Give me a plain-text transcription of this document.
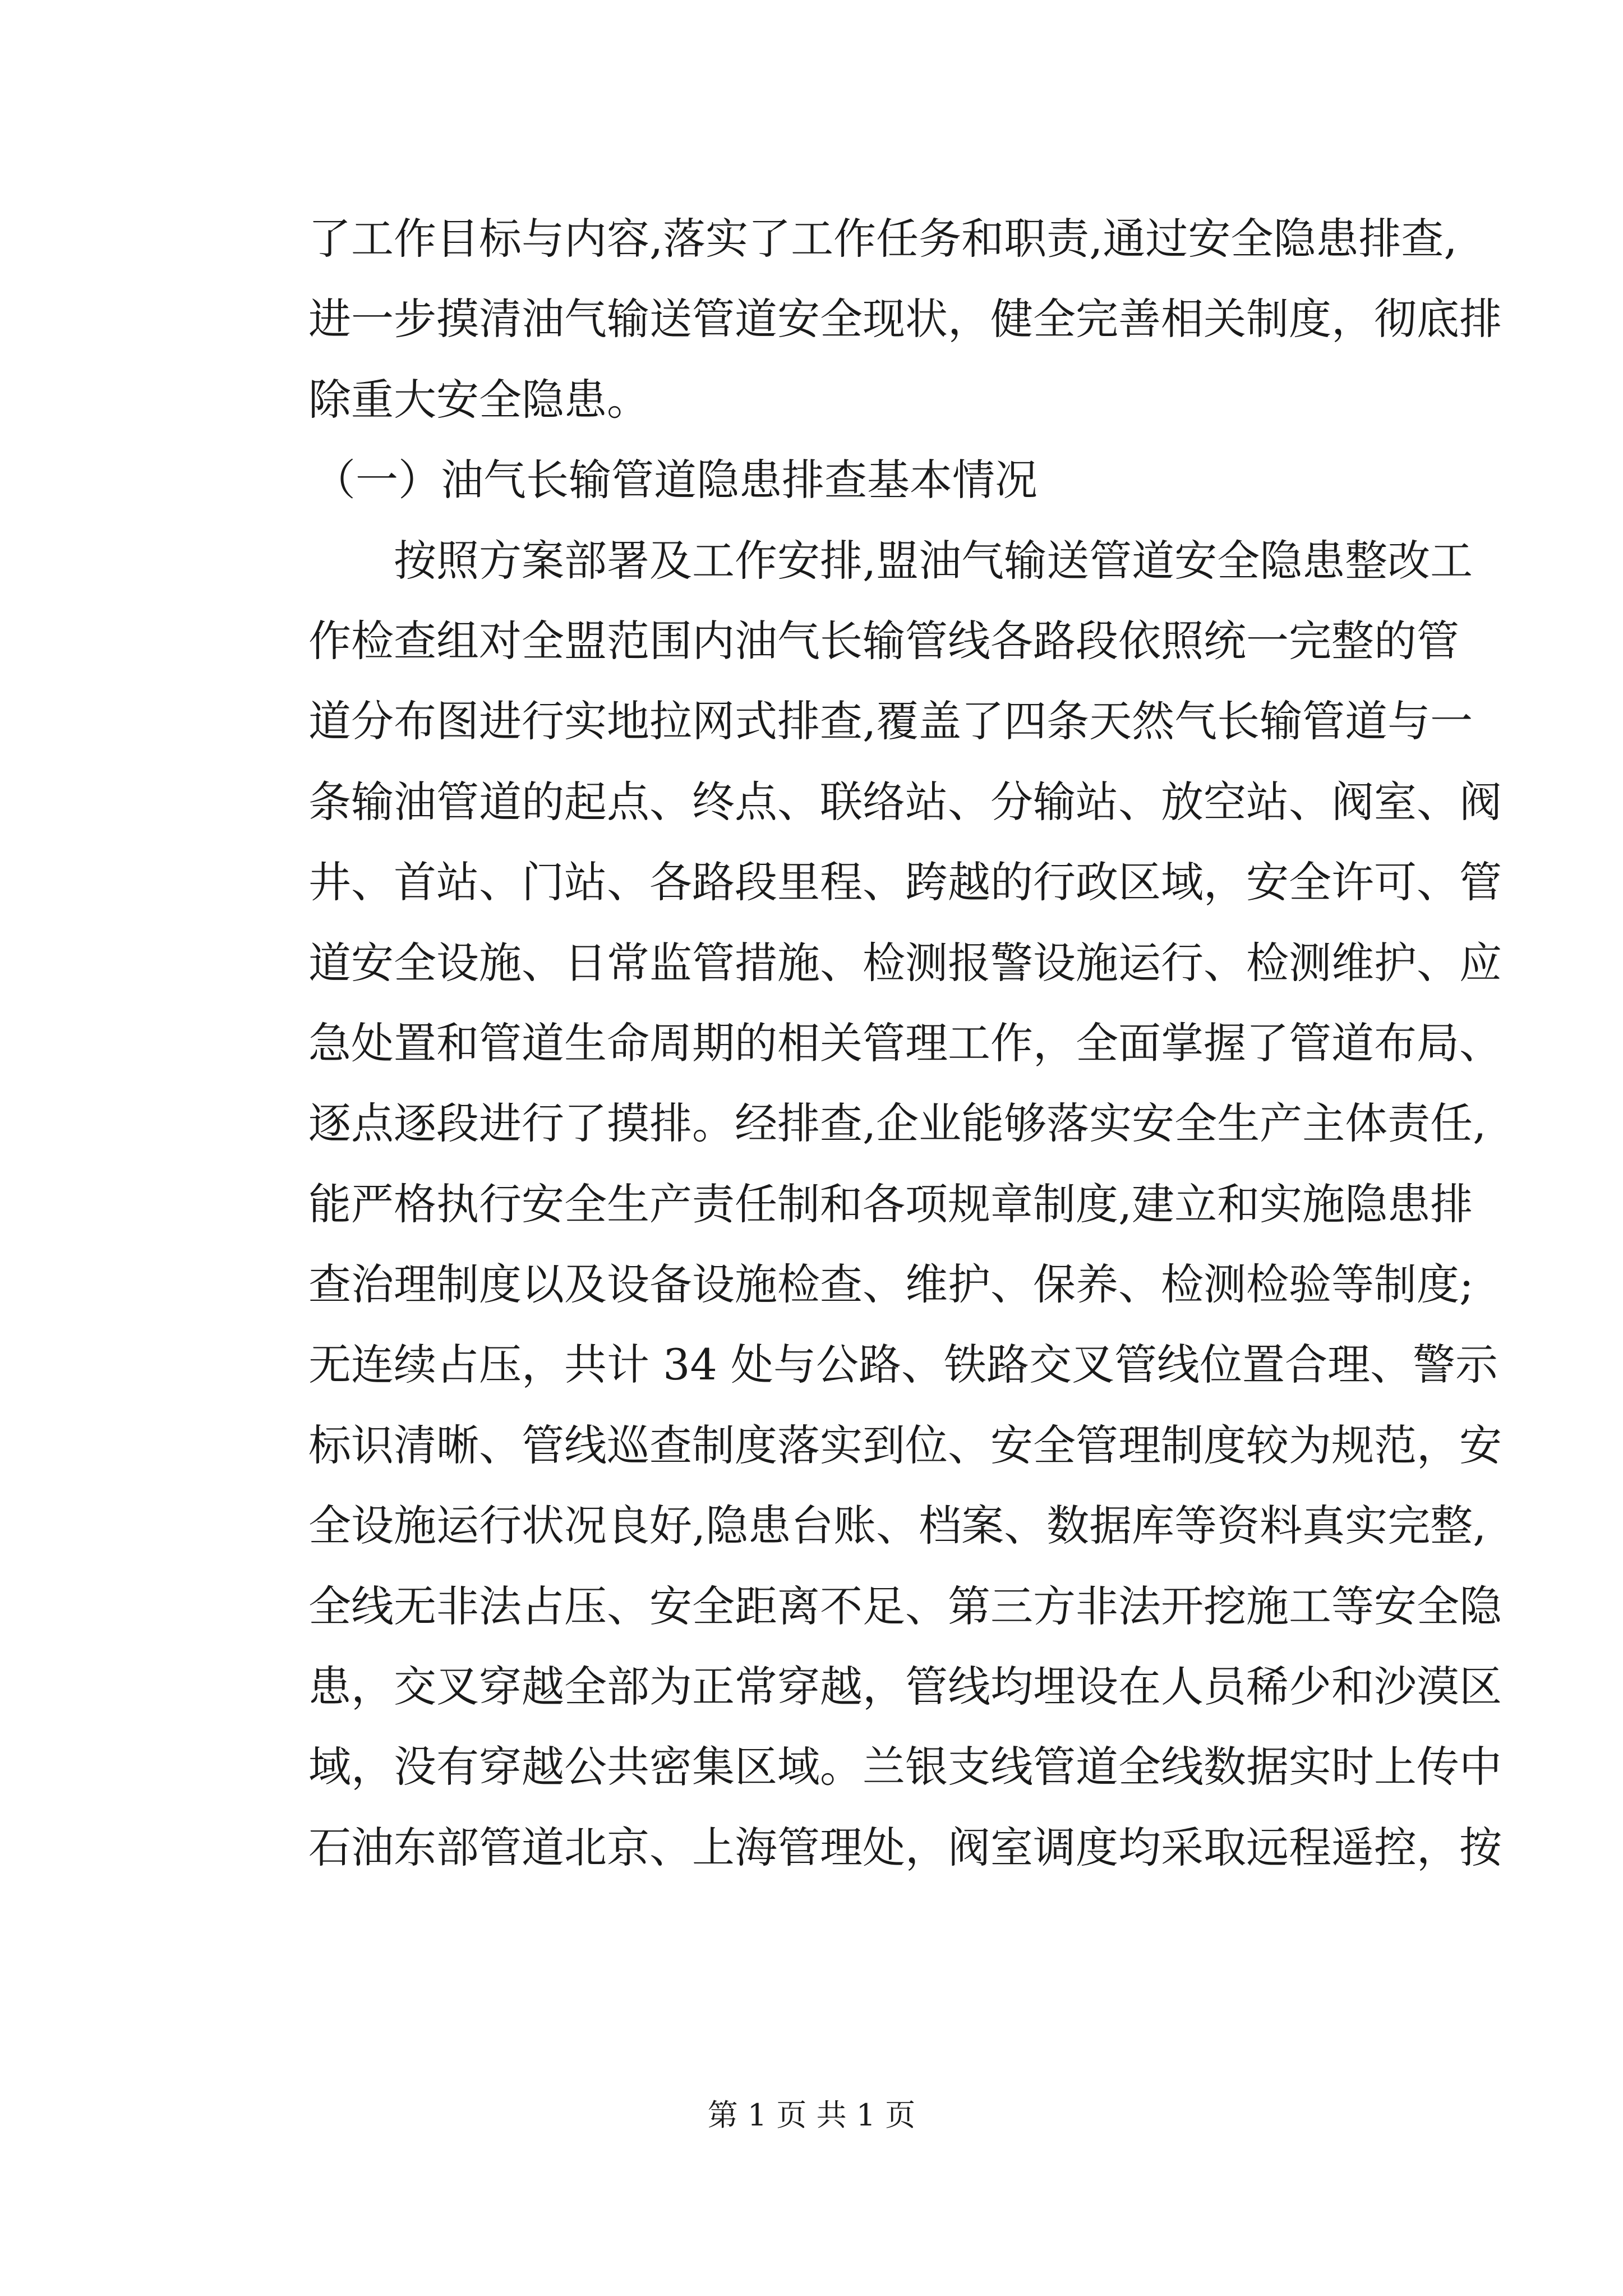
了工作目标与内容,落实了工作任务和职责,通过安全隐患排查,
进一步摸清油气输送管道安全现状，健全完善相关制度，彻底排
除重大安全隐患。
（一）油气长输管道隐患排查基本情况
按照方案部署及工作安排,盟油气输送管道安全隐患整改工
作检查组对全盟范围内油气长输管线各路段依照统一完整的管
道分布图进行实地拉网式排查,覆盖了四条天然气长输管道与一
条输油管道的起点、终点、联络站、分输站、放空站、阀室、阀
井、首站、门站、各路段里程、跨越的行政区域，安全许可、管
道安全设施、日常监管措施、检测报警设施运行、检测维护、应
急处置和管道生命周期的相关管理工作，全面掌握了管道布局、
逐点逐段进行了摸排。经排查,企业能够落实安全生产主体责任,
能严格执行安全生产责任制和各项规章制度,建立和实施隐患排
查治理制度以及设备设施检查、维护、保养、检测检验等制度;
无连续占压，共计 34 处与公路、铁路交叉管线位置合理、警示
标识清晰、管线巡查制度落实到位、安全管理制度较为规范，安
全设施运行状况良好,隐患台账、档案、数据库等资料真实完整,
全线无非法占压、安全距离不足、第三方非法开挖施工等安全隐
患，交叉穿越全部为正常穿越，管线均埋设在人员稀少和沙漠区
域，没有穿越公共密集区域。兰银支线管道全线数据实时上传中
石油东部管道北京、上海管理处，阀室调度均采取远程遥控，按
第 1 页 共 1 页
